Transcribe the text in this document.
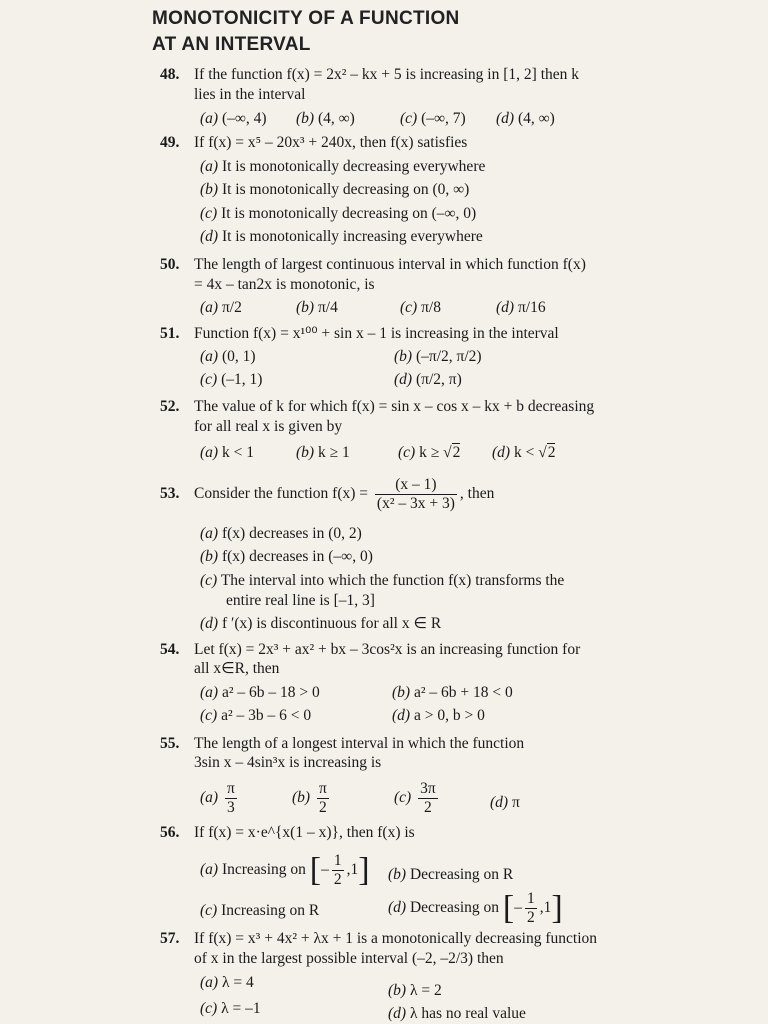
MONOTONICITY OF A FUNCTION
AT AN INTERVAL
48. If the function f(x) = 2x² – kx + 5 is increasing in [1, 2] then k
lies in the interval
(a) (–∞, 4) (b) (4, ∞)	(c) (–∞, 7) (d) (4, ∞)
49. If f(x) = x⁵ – 20x³ + 240x, then f(x) satisfies
(a) It is monotonically decreasing everywhere
(b) It is monotonically decreasing on (0, ∞)
(c) It is monotonically decreasing on (–∞, 0)
(d) It is monotonically increasing everywhere
50. The length of largest continuous interval in which function f(x)
= 4x – tan2x is monotonic, is
(a) π/2	(b) π/4	(c) π/8	(d) π/16
51. Function f(x) = x¹⁰⁰ + sin x – 1 is increasing in the interval
(a) (0, 1)	(b) (–π/2, π/2)
(c) (–1, 1)	(d) (π/2, π)
52. The value of k for which f(x) = sin x – cos x – kx + b decreasing
for all real x is given by
(a) k < 1	(b) k ≥ 1	(c) k ≥ √2 (d) k < √2
53. Consider the function $f(x) = \frac{(x - 1)}{\text{(x² – 3x + 3)}}$ , then
(a) f(x) decreases in (0, 2)
(b) f(x) decreases in (–∞, 0)
(c) The interval into which the function f(x) transforms the
entire real line is [–1, 3]
(d) f ′(x) is discontinuous for all x ∈ R
54. Let f(x) = 2x³ + ax² + bx – 3cos²x is an increasing function for
all x∈R, then
(a) a² – 6b – 18 > 0	(b) a² – 6b + 18 < 0
(c) a² – 3b – 6 < 0	(d) a > 0, b > 0
55. The length of a longest interval in which the function
3sin x – 4sin³x is increasing is
$(a) \frac{\pi}{3}$	$(b) \frac{\pi}{2}$	$(c) \frac{3\pi}{2}$	(d) π
56. If f(x) = x·e^{x(1 – x)}, then f(x) is
(a) Increasing on [– $\frac{1}{2} ,1$] (b) Decreasing on R
(c) Increasing on R	(d) Decreasing on [– $\frac{1}{2} ,1$]
57. If f(x) = x³ + 4x² + λx + 1 is a monotonically decreasing function
of x in the largest possible interval (–2, –2/3) then
(a) λ = 4	(b) λ = 2
(c) λ = –1	(d) λ has no real value
